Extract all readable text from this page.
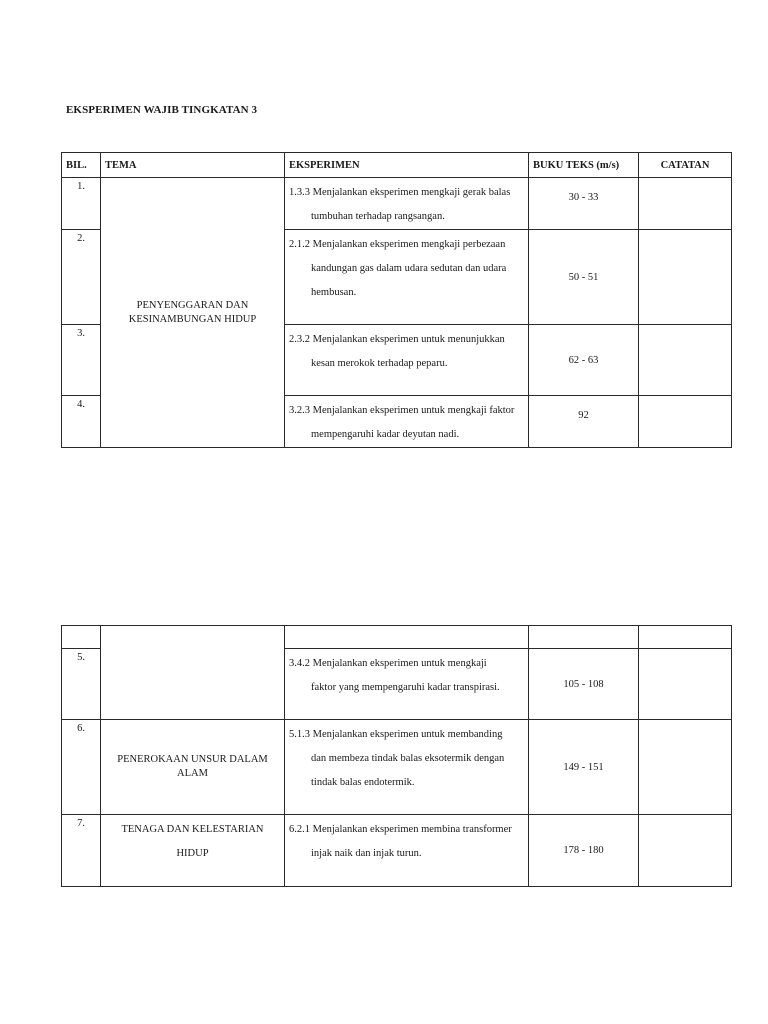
EKSPERIMEN WAJIB TINGKATAN 3
BIL.	TEMA	EKSPERIMEN	BUKU TEKS (m/s)	CATATAN
1.	PENYENGGARAN DAN KESINAMBUNGAN HIDUP	1.3.3 Menjalankan eksperimen mengkaji gerak balas
tumbuhan terhadap rangsangan.	30 - 33	
2.		2.1.2 Menjalankan eksperimen mengkaji perbezaan
kandungan gas dalam udara sedutan dan udara
hembusan.	50 - 51	
3.		2.3.2 Menjalankan eksperimen untuk menunjukkan
kesan merokok terhadap peparu.	62 - 63	
4.		3.2.3 Menjalankan eksperimen untuk mengkaji faktor
mempengaruhi kadar deyutan nadi.	92	

5.		3.4.2 Menjalankan eksperimen untuk mengkaji
faktor yang mempengaruhi kadar transpirasi.	105 - 108	
6.	PENEROKAAN UNSUR DALAM ALAM	5.1.3 Menjalankan eksperimen untuk membanding
dan membeza tindak balas eksotermik dengan
tindak balas endotermik.	149 - 151	
7.	TENAGA DAN KELESTARIAN
HIDUP	6.2.1 Menjalankan eksperimen membina transformer
injak naik dan injak turun.	178 - 180	
